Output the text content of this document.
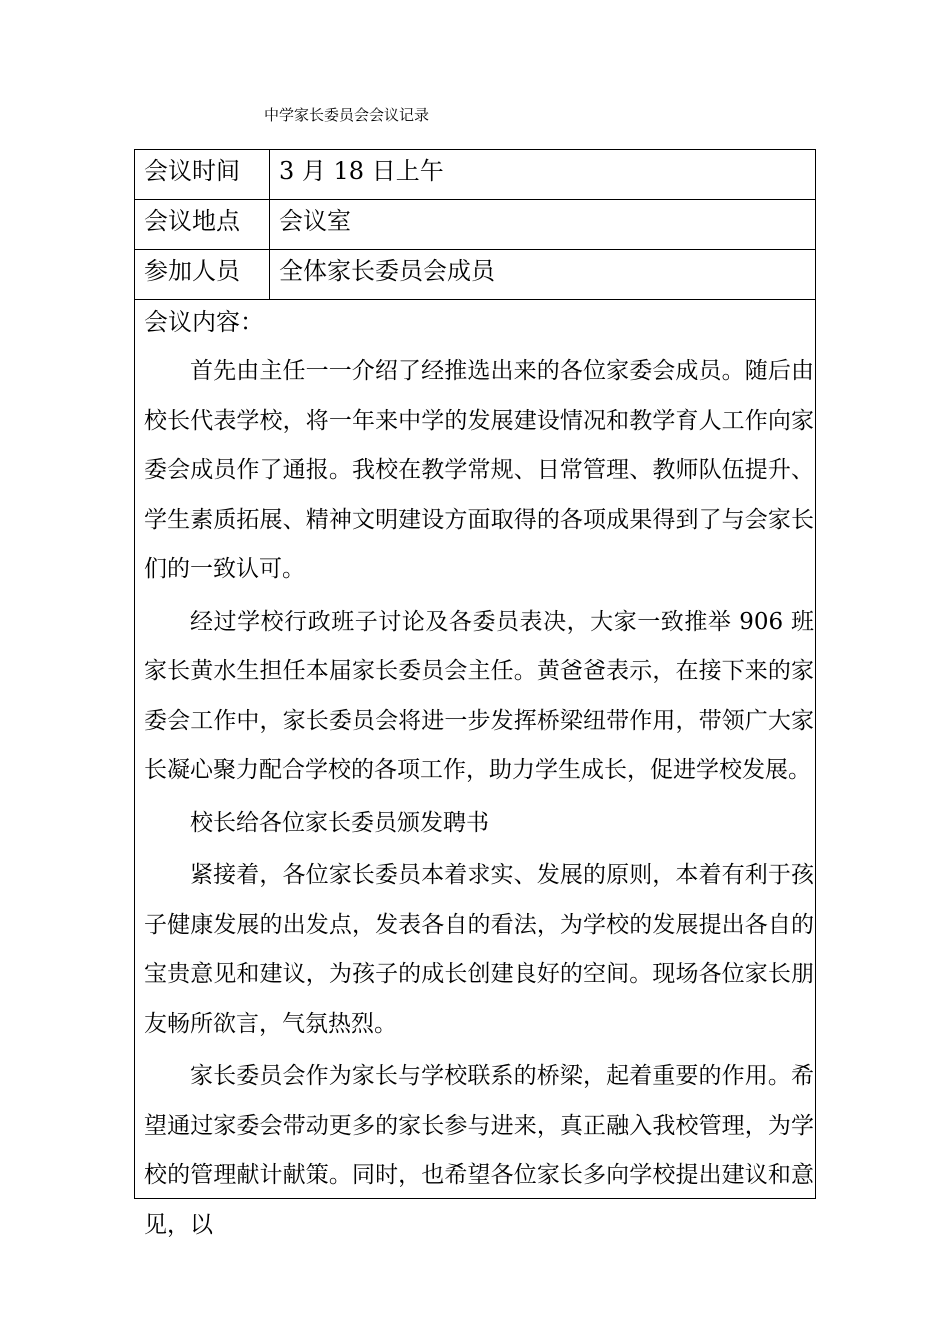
中学家长委员会会议记录
会议时间	3 月 18 日上午
会议地点	会议室
参加人员	全体家长委员会成员
会议内容：

首先由主任一一介绍了经推选出来的各位家委会成员。随后由校长代表学校，将一年来中学的发展建设情况和教学育人工作向家委会成员作了通报。我校在教学常规、日常管理、教师队伍提升、学生素质拓展、精神文明建设方面取得的各项成果得到了与会家长们的一致认可。

经过学校行政班子讨论及各委员表决，大家一致推举 906 班家长黄水生担任本届家长委员会主任。黄爸爸表示，在接下来的家委会工作中，家长委员会将进一步发挥桥梁纽带作用，带领广大家长凝心聚力配合学校的各项工作，助力学生成长，促进学校发展。

校长给各位家长委员颁发聘书

紧接着，各位家长委员本着求实、发展的原则，本着有利于孩子健康发展的出发点，发表各自的看法，为学校的发展提出各自的宝贵意见和建议，为孩子的成长创建良好的空间。现场各位家长朋友畅所欲言，气氛热烈。

家长委员会作为家长与学校联系的桥梁，起着重要的作用。希望通过家委会带动更多的家长参与进来，真正融入我校管理，为学校的管理献计献策。同时，也希望各位家长多向学校提出建议和意见，以
